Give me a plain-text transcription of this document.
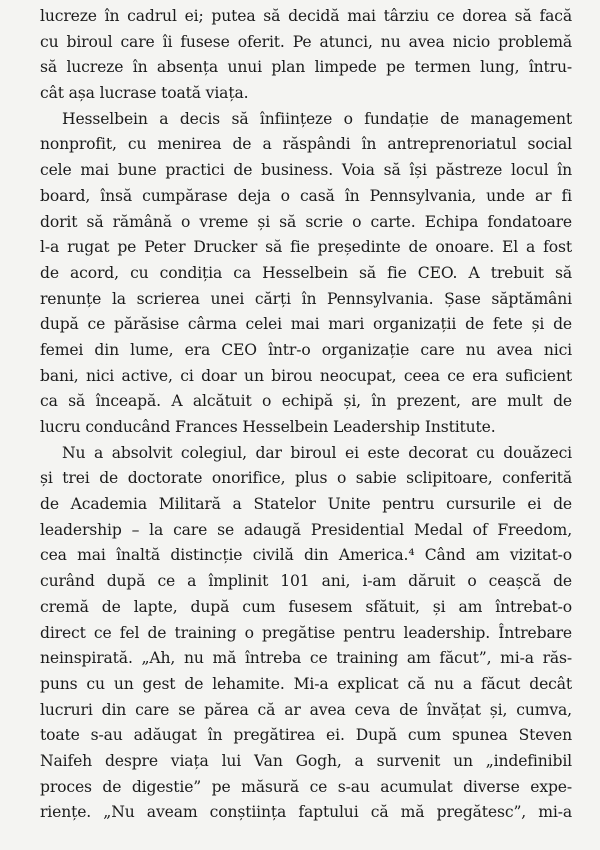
lucreze în cadrul ei; putea să decidă mai târziu ce dorea să facă
cu biroul care îi fusese oferit. Pe atunci, nu avea nicio problemă
să lucreze în absența unui plan limpede pe termen lung, întru-
cât așa lucrase toată viața.
Hesselbein a decis să înființeze o fundație de management
nonprofit, cu menirea de a răspândi în antreprenoriatul social
cele mai bune practici de business. Voia să își păstreze locul în
board, însă cumpărase deja o casă în Pennsylvania, unde ar fi
dorit să rămână o vreme și să scrie o carte. Echipa fondatoare
l-a rugat pe Peter Drucker să fie președinte de onoare. El a fost
de acord, cu condiția ca Hesselbein să fie CEO. A trebuit să
renunțe la scrierea unei cărți în Pennsylvania. Șase săptămâni
după ce părăsise cârma celei mai mari organizații de fete și de
femei din lume, era CEO într-o organizație care nu avea nici
bani, nici active, ci doar un birou neocupat, ceea ce era suficient
ca să înceapă. A alcătuit o echipă și, în prezent, are mult de
lucru conducând Frances Hesselbein Leadership Institute.
Nu a absolvit colegiul, dar biroul ei este decorat cu douăzeci
și trei de doctorate onorifice, plus o sabie sclipitoare, conferită
de Academia Militară a Statelor Unite pentru cursurile ei de
leadership – la care se adaugă Presidential Medal of Freedom,
cea mai înaltă distincție civilă din America.⁴ Când am vizitat-o
curând după ce a împlinit 101 ani, i-am dăruit o ceașcă de
cremă de lapte, după cum fusesem sfătuit, și am întrebat-o
direct ce fel de training o pregătise pentru leadership. Întrebare
neinspirată. „Ah, nu mă întreba ce training am făcut”, mi-a răs-
puns cu un gest de lehamite. Mi-a explicat că nu a făcut decât
lucruri din care se părea că ar avea ceva de învățat și, cumva,
toate s-au adăugat în pregătirea ei. După cum spunea Steven
Naifeh despre viața lui Van Gogh, a survenit un „indefinibil
proces de digestie” pe măsură ce s-au acumulat diverse expe-
riențe. „Nu aveam conștiința faptului că mă pregătesc”, mi-a
